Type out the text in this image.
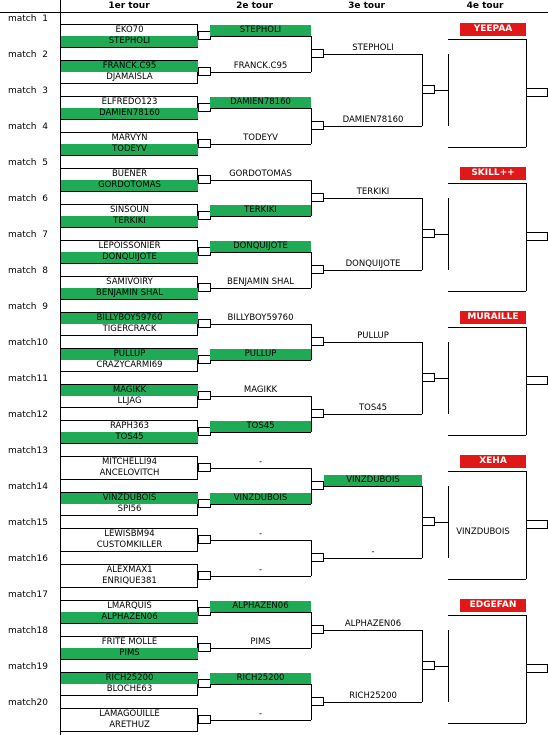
1er tour	2e tour	3e tour	4e tour
match 1
match 2
match 3
match 4
match 5
match 6
match 7
match 8
match 9
match 10
match 11
match 12
match 13
match 14
match 15
match 16
match 17
match 18
match 19
match 20
EKO70
STEPHOLI
FRANCK.C95
DJAMAISLA
ELFREDO123
DAMIEN78160
MARVYN
TODEYV
BUENER
GORDOTOMAS
SINSOUN
TERKIKI
LEPOISSONIER
DONQUIJOTE
SAMIVOIRY
BENJAMIN SHAL
BILLYBOY59760
TIGERCRACK
PULLUP
CRAZYCARMI69
MAGIKK
LLJAG
RAPH363
TOS45
MITCHELLI94
ANCELOVITCH
VINZDUBOIS
SPI56
LEWISBM94
CUSTOMKILLER
ALEXMAX1
ENRIQUE381
LMARQUIS
ALPHAZEN06
FRITE MOLLE
PIMS
RICH25200
BLOCHE63
LAMAGOUILLE
ARETHUZ
STEPHOLI
FRANCK.C95
DAMIEN78160
TODEYV
GORDOTOMAS
TERKIKI
DONQUIJOTE
BENJAMIN SHAL
BILLYBOY59760
PULLUP
MAGIKK
TOS45
-
VINZDUBOIS
-
-
ALPHAZEN06
PIMS
RICH25200
-
STEPHOLI
DAMIEN78160
TERKIKI
DONQUIJOTE
PULLUP
TOS45
VINZDUBOIS
-
ALPHAZEN06
RICH25200
YEEPAA
SKILL++
MURAILLE
XEHA
VINZDUBOIS
EDGEFAN
